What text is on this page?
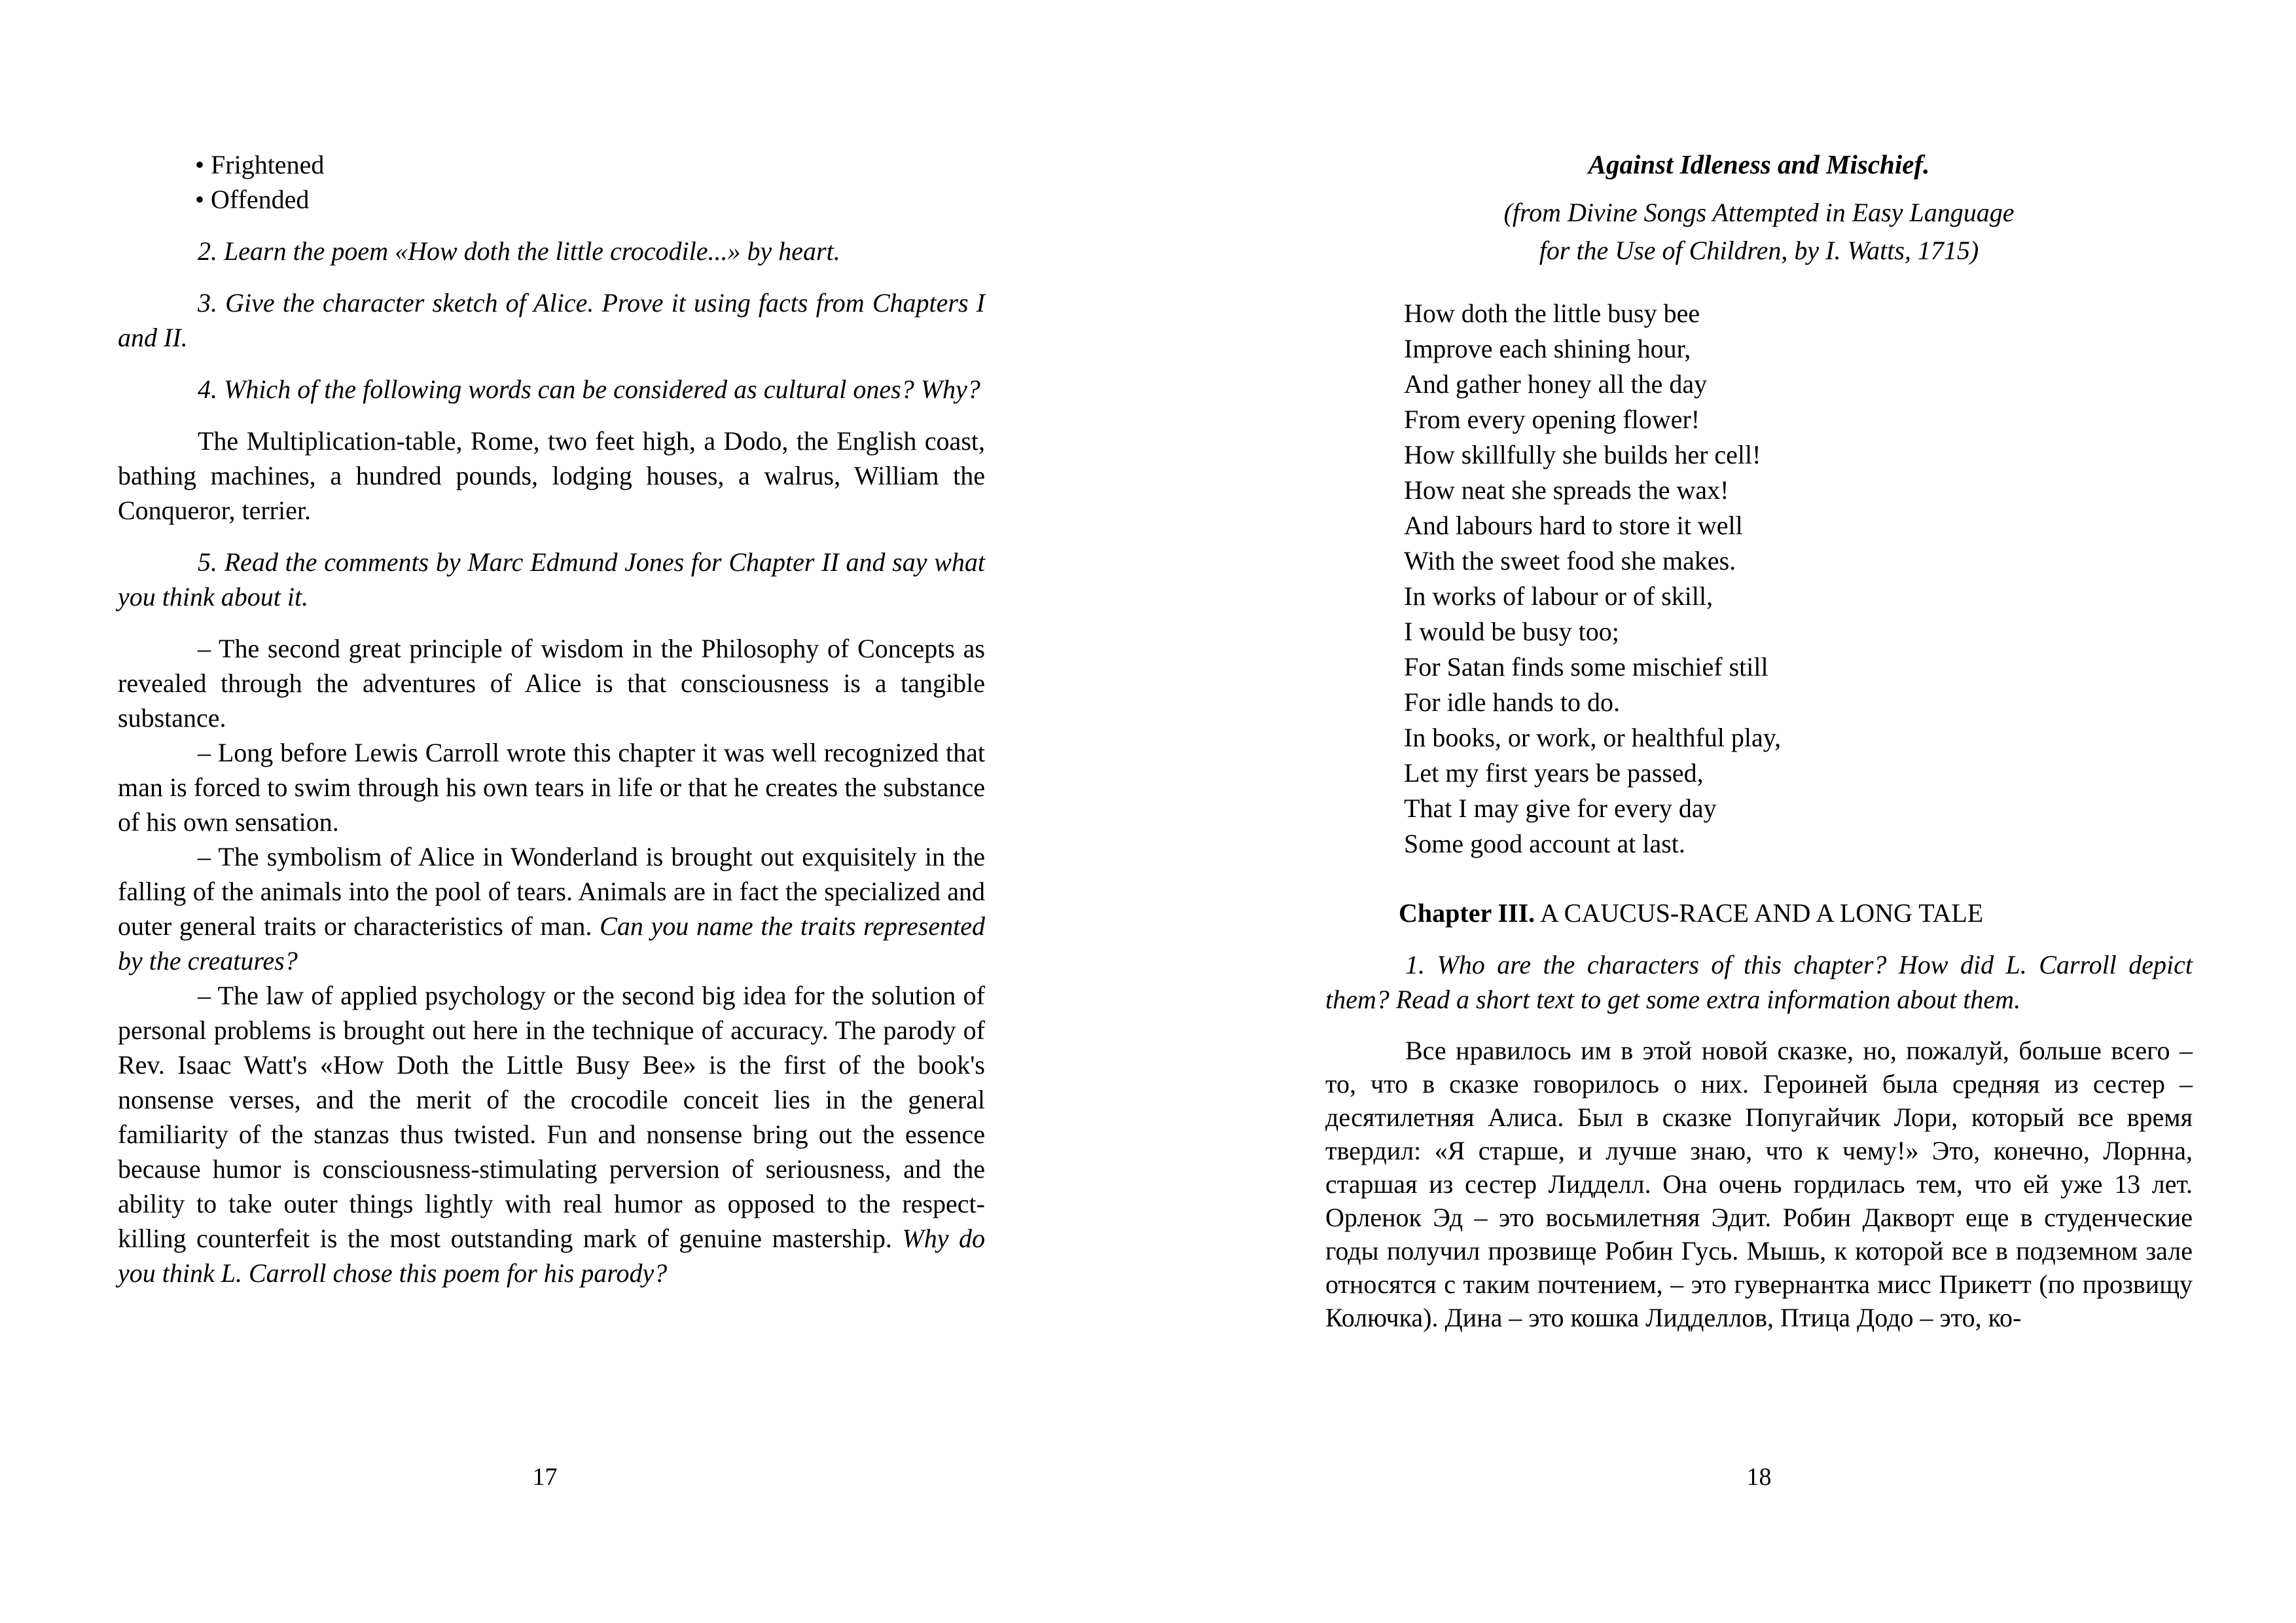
• Frightened
• Offended

2. Learn the poem «How doth the little crocodile...» by heart.

3. Give the character sketch of Alice. Prove it using facts from Chapters I and II.

4. Which of the following words can be considered as cultural ones? Why?

The Multiplication-table, Rome, two feet high, a Dodo, the English coast, bathing machines, a hundred pounds, lodging houses, a walrus, William the Conqueror, terrier.

5. Read the comments by Marc Edmund Jones for Chapter II and say what you think about it.

– The second great principle of wisdom in the Philosophy of Concepts as revealed through the adventures of Alice is that consciousness is a tangible substance.

– Long before Lewis Carroll wrote this chapter it was well recognized that man is forced to swim through his own tears in life or that he creates the substance of his own sensation.

– The symbolism of Alice in Wonderland is brought out exquisitely in the falling of the animals into the pool of tears. Animals are in fact the specialized and outer general traits or characteristics of man. Can you name the traits represented by the creatures?

– The law of applied psychology or the second big idea for the solution of personal problems is brought out here in the technique of accuracy. The parody of Rev. Isaac Watt's «How Doth the Little Busy Bee» is the first of the book's nonsense verses, and the merit of the crocodile conceit lies in the general familiarity of the stanzas thus twisted. Fun and nonsense bring out the essence because humor is consciousness-stimulating perversion of seriousness, and the ability to take outer things lightly with real humor as opposed to the respect-killing counterfeit is the most outstanding mark of genuine mastership. Why do you think L. Carroll chose this poem for his parody?

Against Idleness and Mischief.
(from Divine Songs Attempted in Easy Language
for the Use of Children, by I. Watts, 1715)
How doth the little busy bee
Improve each shining hour,
And gather honey all the day
From every opening flower!
How skillfully she builds her cell!
How neat she spreads the wax!
And labours hard to store it well
With the sweet food she makes.
In works of labour or of skill,
I would be busy too;
For Satan finds some mischief still
For idle hands to do.
In books, or work, or healthful play,
Let my first years be passed,
That I may give for every day
Some good account at last.
Chapter III. A CAUCUS-RACE AND A LONG TALE

1. Who are the characters of this chapter? How did L. Carroll depict them? Read a short text to get some extra information about them.

Все нравилось им в этой новой сказке, но, пожалуй, больше всего – то, что в сказке говорилось о них. Героиней была средняя из сестер – десятилетняя Алиса. Был в сказке Попугайчик Лори, который все время твердил: «Я старше, и лучше знаю, что к чему!» Это, конечно, Лорнна, старшая из сестер Лидделл. Она очень гордилась тем, что ей уже 13 лет. Орленок Эд – это восьмилетняя Эдит. Робин Дакворт еще в студенческие годы получил прозвище Робин Гусь. Мышь, к которой все в подземном зале относятся с таким почтением, – это гувернантка мисс Прикетт (по прозвищу Колючка). Дина – это кошка Лидделлов, Птица Додо – это, ко-

17	18
